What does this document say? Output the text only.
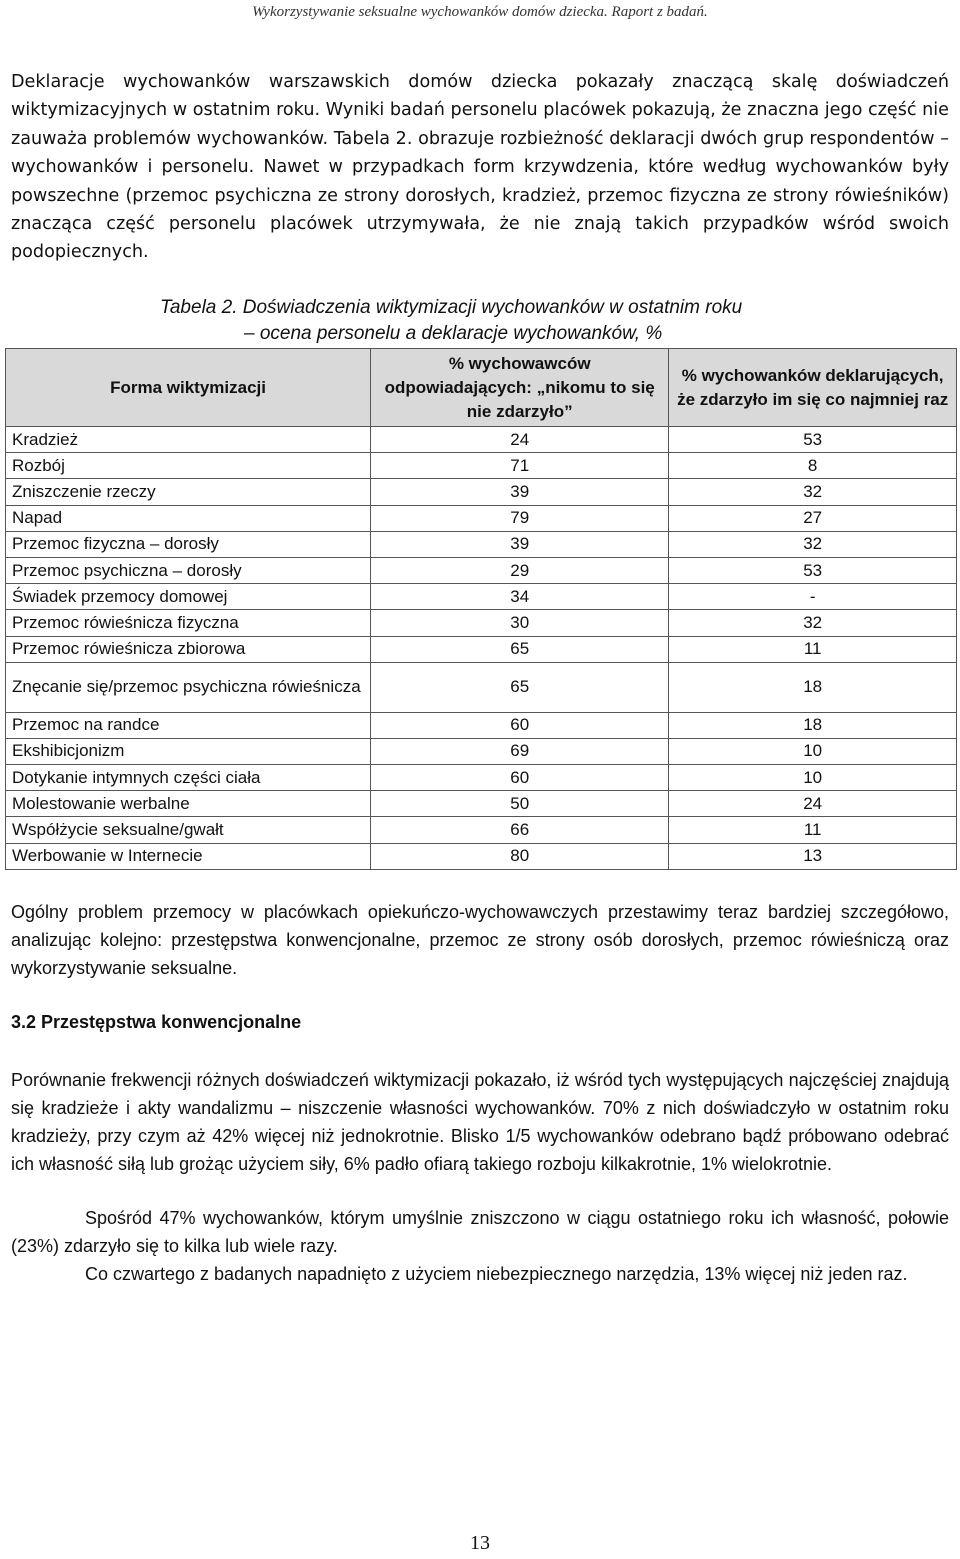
Wykorzystywanie seksualne wychowanków domów dziecka. Raport z badań.

Deklaracje wychowanków warszawskich domów dziecka pokazały znaczącą skalę doświadczeń wiktymizacyjnych w ostatnim roku. Wyniki badań personelu placówek pokazują, że znaczna jego część nie zauważa problemów wychowanków. Tabela 2. obrazuje rozbieżność deklaracji dwóch grup respondentów – wychowanków i personelu. Nawet w przypadkach form krzywdzenia, które według wychowanków były powszechne (przemoc psychiczna ze strony dorosłych, kradzież, przemoc fizyczna ze strony rówieśników) znacząca część personelu placówek utrzymywała, że nie znają takich przypadków wśród swoich podopiecznych.

Tabela 2. Doświadczenia wiktymizacji wychowanków w ostatnim roku

– ocena personelu a deklaracje wychowanków, %

Forma wiktymizacji	% wychowawców odpowiadających: „nikomu to się nie zdarzyło”	% wychowanków deklarujących, że zdarzyło im się co najmniej raz
Kradzież	24	53
Rozbój	71	8
Zniszczenie rzeczy	39	32
Napad	79	27
Przemoc fizyczna – dorosły	39	32
Przemoc psychiczna – dorosły	29	53
Świadek przemocy domowej	34	-
Przemoc rówieśnicza fizyczna	30	32
Przemoc rówieśnicza zbiorowa	65	11
Znęcanie się/przemoc psychiczna rówieśnicza	65	18
Przemoc na randce	60	18
Ekshibicjonizm	69	10
Dotykanie intymnych części ciała	60	10
Molestowanie werbalne	50	24
Współżycie seksualne/gwałt	66	11
Werbowanie w Internecie	80	13

Ogólny problem przemocy w placówkach opiekuńczo-wychowawczych przestawimy teraz bardziej szczegółowo, analizując kolejno: przestępstwa konwencjonalne, przemoc ze strony osób dorosłych, przemoc rówieśniczą oraz wykorzystywanie seksualne.

3.2 Przestępstwa konwencjonalne

Porównanie frekwencji różnych doświadczeń wiktymizacji pokazało, iż wśród tych występujących najczęściej znajdują się kradzieże i akty wandalizmu – niszczenie własności wychowanków. 70% z nich doświadczyło w ostatnim roku kradzieży, przy czym aż 42% więcej niż jednokrotnie. Blisko 1/5 wychowanków odebrano bądź próbowano odebrać ich własność siłą lub grożąc użyciem siły, 6% padło ofiarą takiego rozboju kilkakrotnie, 1% wielokrotnie.

Spośród 47% wychowanków, którym umyślnie zniszczono w ciągu ostatniego roku ich własność, połowie (23%) zdarzyło się to kilka lub wiele razy.

Co czwartego z badanych napadnięto z użyciem niebezpiecznego narzędzia, 13% więcej niż jeden raz.

13
